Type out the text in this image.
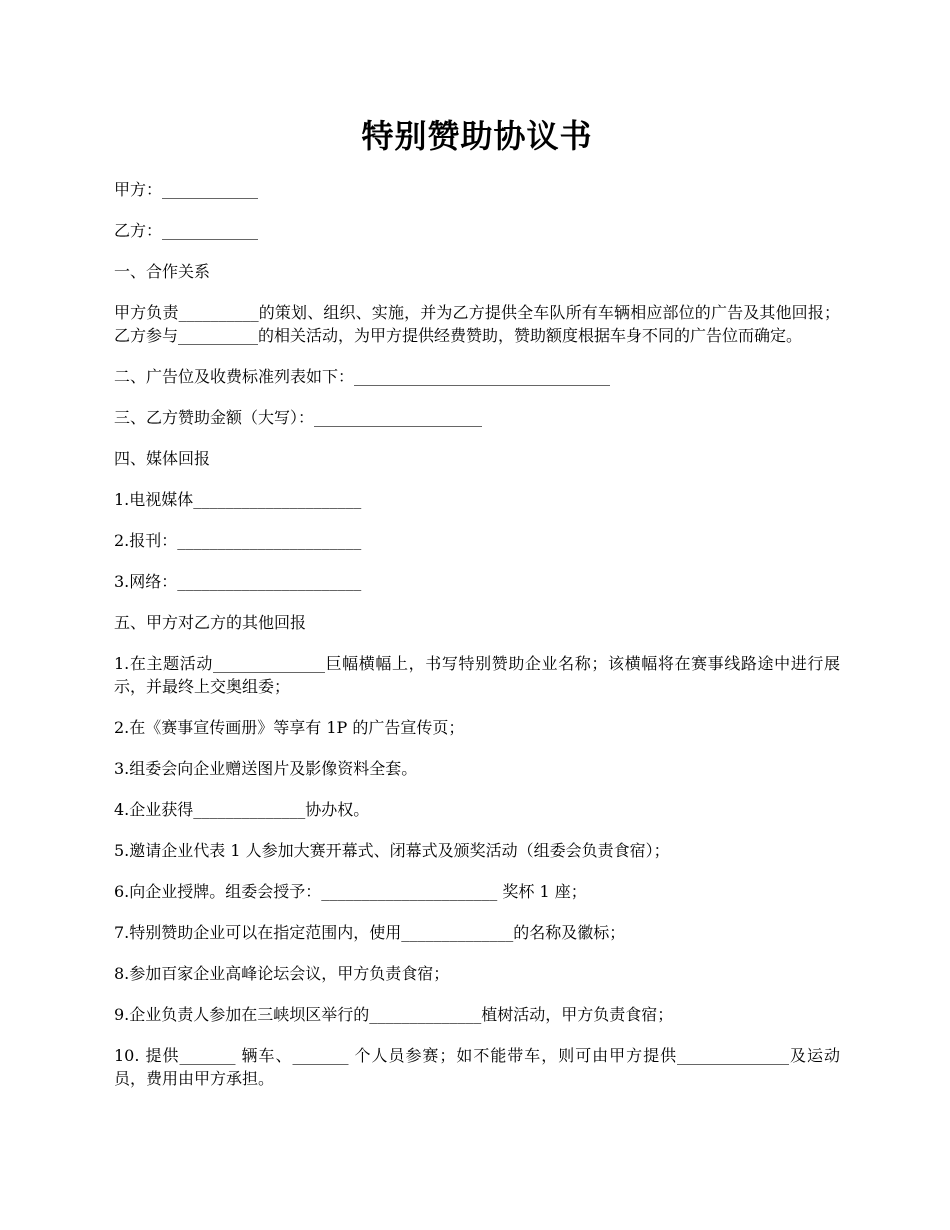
特别赞助协议书

甲方：____________

乙方：____________

一、合作关系

甲方负责__________的策划、组织、实施，并为乙方提供全车队所有车辆相应部位的广告及其他回报；乙方参与__________的相关活动，为甲方提供经费赞助，赞助额度根据车身不同的广告位而确定。

二、广告位及收费标准列表如下：________________________________

三、乙方赞助金额（大写）：_____________________

四、媒体回报

1.电视媒体_____________________

2.报刊：_______________________

3.网络：_______________________

五、甲方对乙方的其他回报

1.在主题活动______________巨幅横幅上，书写特别赞助企业名称；该横幅将在赛事线路途中进行展示，并最终上交奥组委；

2.在《赛事宣传画册》等享有 1P 的广告宣传页；

3.组委会向企业赠送图片及影像资料全套。

4.企业获得______________协办权。

5.邀请企业代表 1 人参加大赛开幕式、闭幕式及颁奖活动（组委会负责食宿）；

6.向企业授牌。组委会授予：______________________ 奖杯 1 座；

7.特别赞助企业可以在指定范围内，使用______________的名称及徽标；

8.参加百家企业高峰论坛会议，甲方负责食宿；

9.企业负责人参加在三峡坝区举行的______________植树活动，甲方负责食宿；

10. 提供_______ 辆车、_______ 个人员参赛；如不能带车，则可由甲方提供______________及运动员，费用由甲方承担。
